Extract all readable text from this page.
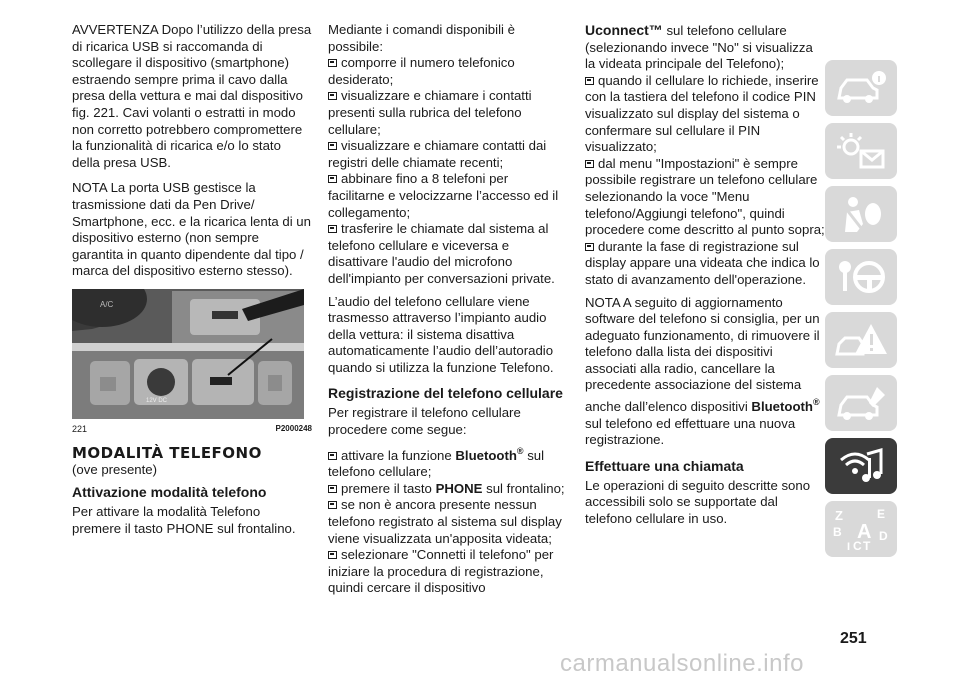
AVVERTENZA Dopo l’utilizzo della presa di ricarica USB si raccomanda di scollegare il dispositivo (smartphone) estraendo sempre prima il cavo dalla presa della vettura e mai dal dispositivo fig. 221. Cavi volanti o estratti in modo non corretto potrebbero compromettere la funzionalità di ricarica e/o lo stato della presa USB.

NOTA La porta USB gestisce la trasmissione dati da Pen Drive/ Smartphone, ecc. e la ricarica lenta di un dispositivo esterno (non sempre garantita in quanto dipendente dal tipo / marca del dispositivo esterno stesso).

A/C
12V DC
221	P2000248
MODALITÀ TELEFONO

(ove presente)

Attivazione modalità telefono

Per attivare la modalità Telefono premere il tasto PHONE sul frontalino.

Mediante i comandi disponibili è possibile:

comporre il numero telefonico desiderato;

visualizzare e chiamare i contatti presenti sulla rubrica del telefono cellulare;

visualizzare e chiamare contatti dai registri delle chiamate recenti;

abbinare fino a 8 telefoni per facilitarne e velocizzarne l’accesso ed il collegamento;

trasferire le chiamate dal sistema al telefono cellulare e viceversa e disattivare l'audio del microfono dell'impianto per conversazioni private.

L’audio del telefono cellulare viene trasmesso attraverso l’impianto audio della vettura: il sistema disattiva automaticamente l’audio dell’autoradio quando si utilizza la funzione Telefono.

Registrazione del telefono cellulare

Per registrare il telefono cellulare procedere come segue:

attivare la funzione Bluetooth® sul telefono cellulare;

premere il tasto PHONE sul frontalino;

se non è ancora presente nessun telefono registrato al sistema sul display viene visualizzata un'apposita videata;

selezionare "Connetti il telefono" per iniziare la procedura di registrazione, quindi cercare il dispositivo

Uconnect™ sul telefono cellulare (selezionando invece "No" si visualizza la videata principale del Telefono);

quando il cellulare lo richiede, inserire con la tastiera del telefono il codice PIN visualizzato sul display del sistema o confermare sul cellulare il PIN visualizzato;

dal menu "Impostazioni" è sempre possibile registrare un telefono cellulare selezionando la voce "Menu telefono/Aggiungi telefono", quindi procedere come descritto al punto sopra;

durante la fase di registrazione sul display appare una videata che indica lo stato di avanzamento dell'operazione.

NOTA A seguito di aggiornamento software del telefono si consiglia, per un adeguato funzionamento, di rimuovere il telefono dalla lista dei dispositivi associati alla radio, cancellare la precedente associazione del sistema anche dall’elenco dispositivi Bluetooth® sul telefono ed effettuare una nuova registrazione.

Effettuare una chiamata

Le operazioni di seguito descritte sono accessibili solo se supportate dal telefono cellulare in uso.	Z	E
B A
I C T
D
251
carmanualsonline.info
